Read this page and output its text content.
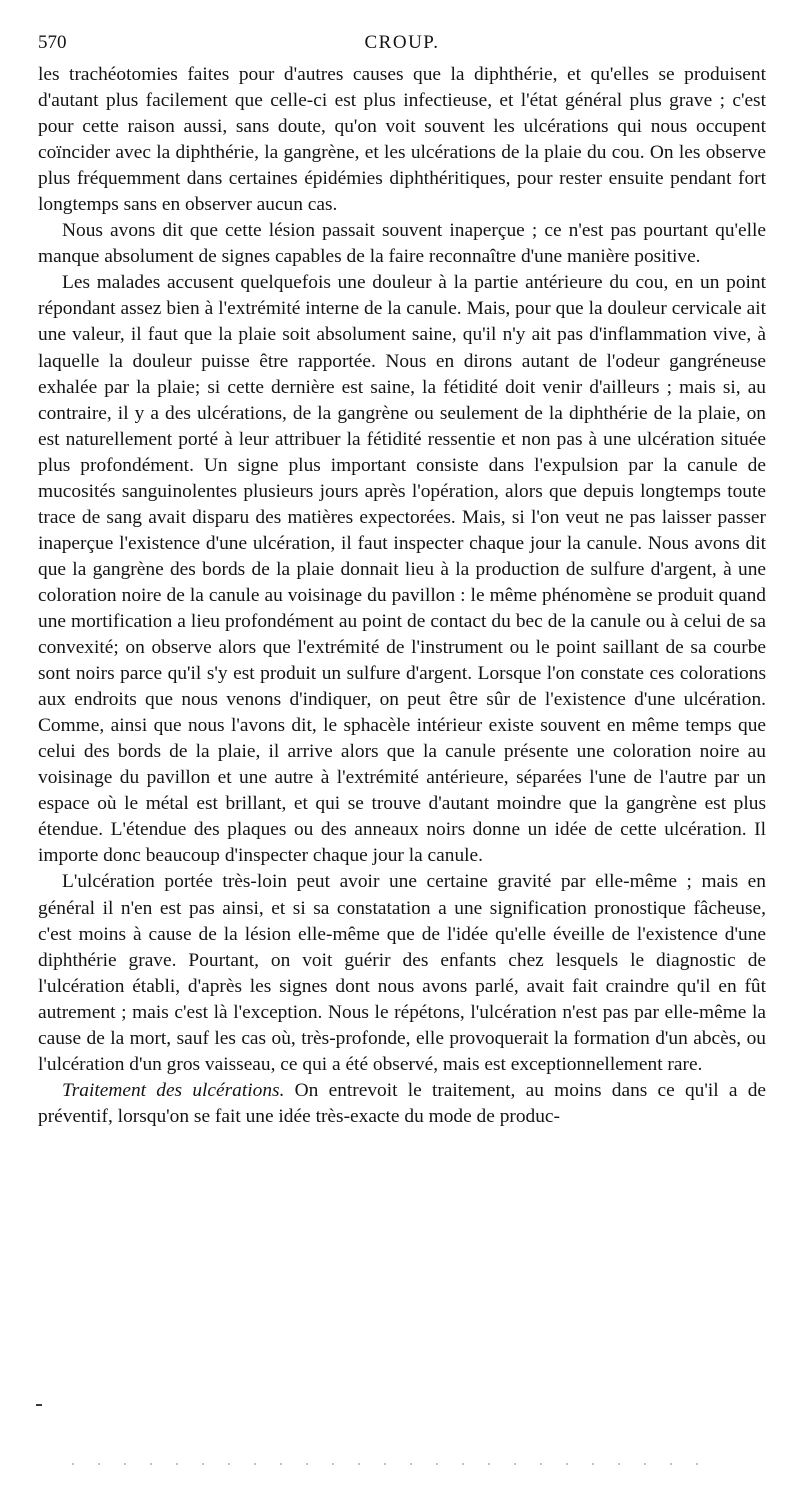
570	CROUP.

les trachéotomies faites pour d'autres causes que la diphthérie, et qu'elles se produisent d'autant plus facilement que celle-ci est plus infectieuse, et l'état général plus grave ; c'est pour cette raison aussi, sans doute, qu'on voit souvent les ulcérations qui nous occupent coïncider avec la diphthérie, la gangrène, et les ulcérations de la plaie du cou. On les observe plus fréquemment dans certaines épidémies diphthéritiques, pour rester ensuite pendant fort longtemps sans en observer aucun cas.

Nous avons dit que cette lésion passait souvent inaperçue ; ce n'est pas pourtant qu'elle manque absolument de signes capables de la faire reconnaître d'une manière positive.

Les malades accusent quelquefois une douleur à la partie antérieure du cou, en un point répondant assez bien à l'extrémité interne de la canule. Mais, pour que la douleur cervicale ait une valeur, il faut que la plaie soit absolument saine, qu'il n'y ait pas d'inflammation vive, à laquelle la douleur puisse être rapportée. Nous en dirons autant de l'odeur gangréneuse exhalée par la plaie; si cette dernière est saine, la fétidité doit venir d'ailleurs ; mais si, au contraire, il y a des ulcérations, de la gangrène ou seulement de la diphthérie de la plaie, on est naturellement porté à leur attribuer la fétidité ressentie et non pas à une ulcération située plus profondément. Un signe plus important consiste dans l'expulsion par la canule de mucosités sanguinolentes plusieurs jours après l'opération, alors que depuis longtemps toute trace de sang avait disparu des matières expectorées. Mais, si l'on veut ne pas laisser passer inaperçue l'existence d'une ulcération, il faut inspecter chaque jour la canule. Nous avons dit que la gangrène des bords de la plaie donnait lieu à la production de sulfure d'argent, à une coloration noire de la canule au voisinage du pavillon : le même phénomène se produit quand une mortification a lieu profondément au point de contact du bec de la canule ou à celui de sa convexité; on observe alors que l'extrémité de l'instrument ou le point saillant de sa courbe sont noirs parce qu'il s'y est produit un sulfure d'argent. Lorsque l'on constate ces colorations aux endroits que nous venons d'indiquer, on peut être sûr de l'existence d'une ulcération. Comme, ainsi que nous l'avons dit, le sphacèle intérieur existe souvent en même temps que celui des bords de la plaie, il arrive alors que la canule présente une coloration noire au voisinage du pavillon et une autre à l'extrémité antérieure, séparées l'une de l'autre par un espace où le métal est brillant, et qui se trouve d'autant moindre que la gangrène est plus étendue. L'étendue des plaques ou des anneaux noirs donne un idée de cette ulcération. Il importe donc beaucoup d'inspecter chaque jour la canule.

L'ulcération portée très-loin peut avoir une certaine gravité par elle-même ; mais en général il n'en est pas ainsi, et si sa constatation a une signification pronostique fâcheuse, c'est moins à cause de la lésion elle-même que de l'idée qu'elle éveille de l'existence d'une diphthérie grave. Pourtant, on voit guérir des enfants chez lesquels le diagnostic de l'ulcération établi, d'après les signes dont nous avons parlé, avait fait craindre qu'il en fût autrement ; mais c'est là l'exception. Nous le répétons, l'ulcération n'est pas par elle-même la cause de la mort, sauf les cas où, très-profonde, elle provoquerait la formation d'un abcès, ou l'ulcération d'un gros vaisseau, ce qui a été observé, mais est exceptionnellement rare.

Traitement des ulcérations. On entrevoit le traitement, au moins dans ce qu'il a de préventif, lorsqu'on se fait une idée très-exacte du mode de produc-
